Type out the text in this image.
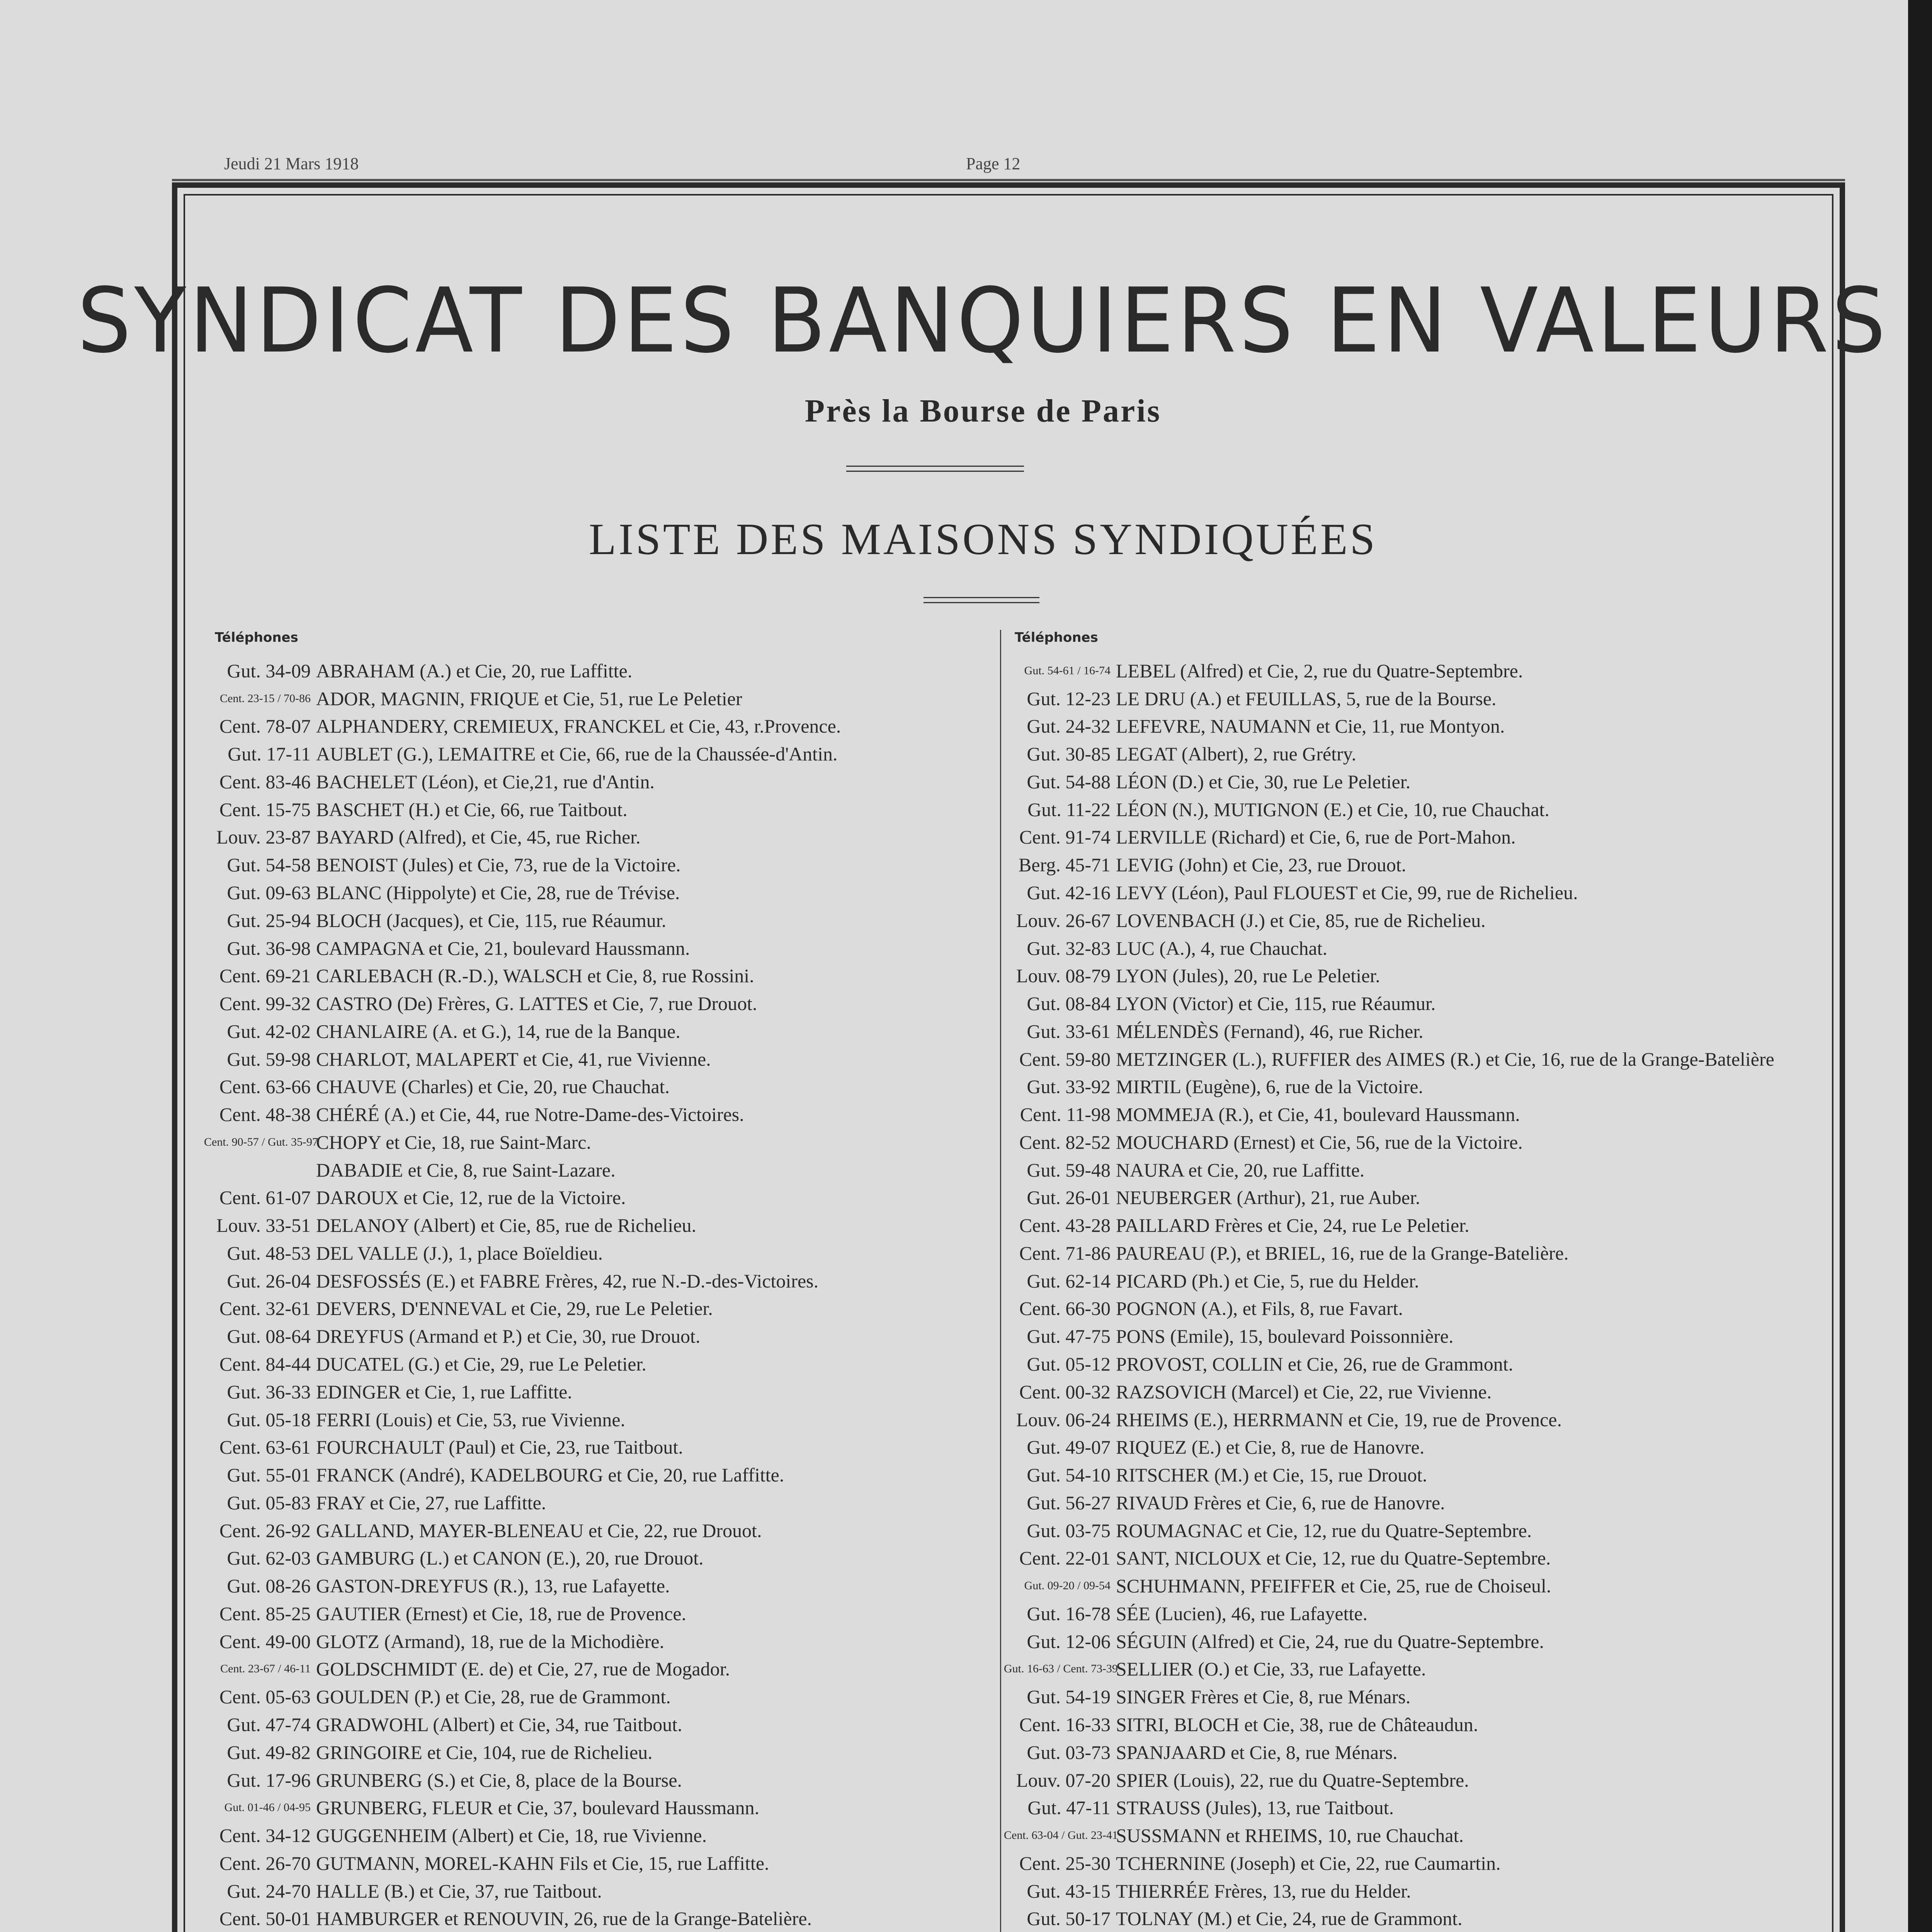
Jeudi 21 Mars 1918	Page 12
SYNDICAT DES BANQUIERS EN VALEURS
Près la Bourse de Paris
LISTE DES MAISONS SYNDIQUÉES
Téléphones
Gut. 34-09 ABRAHAM (A.) et Cie, 20, rue Laffitte.
Cent. 23-15 / 70-86 ADOR, MAGNIN, FRIQUE et Cie, 51, rue Le Peletier
Cent. 78-07 ALPHANDERY, CREMIEUX, FRANCKEL et Cie, 43, r.Provence.
Gut. 17-11 AUBLET (G.), LEMAITRE et Cie, 66, rue de la Chaussée-d'Antin.
Cent. 83-46 BACHELET (Léon), et Cie,21, rue d'Antin.
Cent. 15-75 BASCHET (H.) et Cie, 66, rue Taitbout.
Louv. 23-87 BAYARD (Alfred), et Cie, 45, rue Richer.
Gut. 54-58 BENOIST (Jules) et Cie, 73, rue de la Victoire.
Gut. 09-63 BLANC (Hippolyte) et Cie, 28, rue de Trévise.
Gut. 25-94 BLOCH (Jacques), et Cie, 115, rue Réaumur.
Gut. 36-98 CAMPAGNA et Cie, 21, boulevard Haussmann.
Cent. 69-21 CARLEBACH (R.-D.), WALSCH et Cie, 8, rue Rossini.
Cent. 99-32 CASTRO (De) Frères, G. LATTES et Cie, 7, rue Drouot.
Gut. 42-02 CHANLAIRE (A. et G.), 14, rue de la Banque.
Gut. 59-98 CHARLOT, MALAPERT et Cie, 41, rue Vivienne.
Cent. 63-66 CHAUVE (Charles) et Cie, 20, rue Chauchat.
Cent. 48-38 CHÉRÉ (A.) et Cie, 44, rue Notre-Dame-des-Victoires.
Cent. 90-57 / Gut. 35-97
CHOPY et Cie, 18, rue Saint-Marc.
DABADIE et Cie, 8, rue Saint-Lazare.
Cent. 61-07 DAROUX et Cie, 12, rue de la Victoire.
Louv. 33-51 DELANOY (Albert) et Cie, 85, rue de Richelieu.
Gut. 48-53 DEL VALLE (J.), 1, place Boïeldieu.
Gut. 26-04 DESFOSSÉS (E.) et FABRE Frères, 42, rue N.-D.-des-Victoires.
Cent. 32-61 DEVERS, D'ENNEVAL et Cie, 29, rue Le Peletier.
Gut. 08-64 DREYFUS (Armand et P.) et Cie, 30, rue Drouot.
Cent. 84-44 DUCATEL (G.) et Cie, 29, rue Le Peletier.
Gut. 36-33 EDINGER et Cie, 1, rue Laffitte.
Gut. 05-18 FERRI (Louis) et Cie, 53, rue Vivienne.
Cent. 63-61 FOURCHAULT (Paul) et Cie, 23, rue Taitbout.
Gut. 55-01 FRANCK (André), KADELBOURG et Cie, 20, rue Laffitte.
Gut. 05-83 FRAY et Cie, 27, rue Laffitte.
Cent. 26-92 GALLAND, MAYER-BLENEAU et Cie, 22, rue Drouot.
Gut. 62-03 GAMBURG (L.) et CANON (E.), 20, rue Drouot.
Gut. 08-26 GASTON-DREYFUS (R.), 13, rue Lafayette.
Cent. 85-25 GAUTIER (Ernest) et Cie, 18, rue de Provence.
Cent. 49-00 GLOTZ (Armand), 18, rue de la Michodière.
Cent. 23-67 / 46-11 GOLDSCHMIDT (E. de) et Cie, 27, rue de Mogador.
Cent. 05-63 GOULDEN (P.) et Cie, 28, rue de Grammont.
Gut. 47-74 GRADWOHL (Albert) et Cie, 34, rue Taitbout.
Gut. 49-82 GRINGOIRE et Cie, 104, rue de Richelieu.
Gut. 17-96 GRUNBERG (S.) et Cie, 8, place de la Bourse.
Gut. 01-46 / 04-95 GRUNBERG, FLEUR et Cie, 37, boulevard Haussmann.
Cent. 34-12 GUGGENHEIM (Albert) et Cie, 18, rue Vivienne.
Cent. 26-70 GUTMANN, MOREL-KAHN Fils et Cie, 15, rue Laffitte.
Gut. 24-70 HALLE (B.) et Cie, 37, rue Taitbout.
Cent. 50-01 HAMBURGER et RENOUVIN, 26, rue de la Grange-Batelière.
Téléphones
Gut. 54-61 / 16-74 LEBEL (Alfred) et Cie, 2, rue du Quatre-Septembre.
Gut. 12-23 LE DRU (A.) et FEUILLAS, 5, rue de la Bourse.
Gut. 24-32 LEFEVRE, NAUMANN et Cie, 11, rue Montyon.
Gut. 30-85 LEGAT (Albert), 2, rue Grétry.
Gut. 54-88 LÉON (D.) et Cie, 30, rue Le Peletier.
Gut. 11-22 LÉON (N.), MUTIGNON (E.) et Cie, 10, rue Chauchat.
Cent. 91-74 LERVILLE (Richard) et Cie, 6, rue de Port-Mahon.
Berg. 45-71 LEVIG (John) et Cie, 23, rue Drouot.
Gut. 42-16 LEVY (Léon), Paul FLOUEST et Cie, 99, rue de Richelieu.
Louv. 26-67 LOVENBACH (J.) et Cie, 85, rue de Richelieu.
Gut. 32-83 LUC (A.), 4, rue Chauchat.
Louv. 08-79 LYON (Jules), 20, rue Le Peletier.
Gut. 08-84 LYON (Victor) et Cie, 115, rue Réaumur.
Gut. 33-61 MÉLENDÈS (Fernand), 46, rue Richer.
Cent. 59-80 METZINGER (L.), RUFFIER des AIMES (R.) et Cie, 16, rue de la Grange-Batelière
Gut. 33-92 MIRTIL (Eugène), 6, rue de la Victoire.
Cent. 11-98 MOMMEJA (R.), et Cie, 41, boulevard Haussmann.
Cent. 82-52 MOUCHARD (Ernest) et Cie, 56, rue de la Victoire.
Gut. 59-48 NAURA et Cie, 20, rue Laffitte.
Gut. 26-01 NEUBERGER (Arthur), 21, rue Auber.
Cent. 43-28 PAILLARD Frères et Cie, 24, rue Le Peletier.
Cent. 71-86 PAUREAU (P.), et BRIEL, 16, rue de la Grange-Batelière.
Gut. 62-14 PICARD (Ph.) et Cie, 5, rue du Helder.
Cent. 66-30 POGNON (A.), et Fils, 8, rue Favart.
Gut. 47-75 PONS (Emile), 15, boulevard Poissonnière.
Gut. 05-12 PROVOST, COLLIN et Cie, 26, rue de Grammont.
Cent. 00-32 RAZSOVICH (Marcel) et Cie, 22, rue Vivienne.
Louv. 06-24 RHEIMS (E.), HERRMANN et Cie, 19, rue de Provence.
Gut. 49-07 RIQUEZ (E.) et Cie, 8, rue de Hanovre.
Gut. 54-10 RITSCHER (M.) et Cie, 15, rue Drouot.
Gut. 56-27 RIVAUD Frères et Cie, 6, rue de Hanovre.
Gut. 03-75 ROUMAGNAC et Cie, 12, rue du Quatre-Septembre.
Cent. 22-01 SANT, NICLOUX et Cie, 12, rue du Quatre-Septembre.
Gut. 09-20 / 09-54 SCHUHMANN, PFEIFFER et Cie, 25, rue de Choiseul.
Gut. 16-78 SÉE (Lucien), 46, rue Lafayette.
Gut. 12-06 SÉGUIN (Alfred) et Cie, 24, rue du Quatre-Septembre.
Gut. 16-63 / Cent. 73-39
SELLIER (O.) et Cie, 33, rue Lafayette.
Gut. 54-19 SINGER Frères et Cie, 8, rue Ménars.
Cent. 16-33 SITRI, BLOCH et Cie, 38, rue de Châteaudun.
Gut. 03-73 SPANJAARD et Cie, 8, rue Ménars.
Louv. 07-20 SPIER (Louis), 22, rue du Quatre-Septembre.
Gut. 47-11 STRAUSS (Jules), 13, rue Taitbout.
Cent. 63-04 / Gut. 23-41
SUSSMANN et RHEIMS, 10, rue Chauchat.
Cent. 25-30 TCHERNINE (Joseph) et Cie, 22, rue Caumartin.
Gut. 43-15 THIERRÉE Frères, 13, rue du Helder.
Gut. 50-17 TOLNAY (M.) et Cie, 24, rue de Grammont.
